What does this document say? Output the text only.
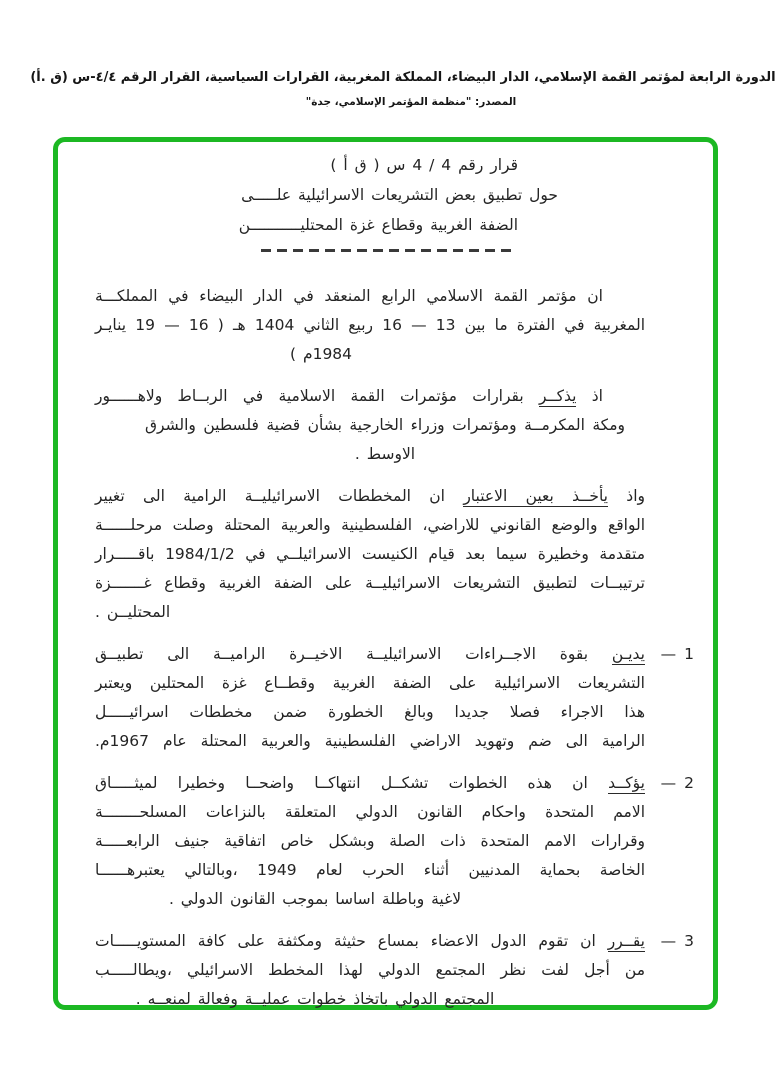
الدورة الرابعة لمؤتمر القمة الإسلامي، الدار البيضاء، المملكة المغربية، القرارات السياسية، القرار الرقم ٤/٤-س (ق .أ)
المصدر: "منظمة المؤتمر الإسلامي، جدة"
قرار رقم 4 / 4 س ( ق أ )
حول تطبيق بعض التشريعات الاسرائيلية علـــــى
الضفة الغربية وقطاع غزة المحتليـــــــــــن
ان مؤتمر القمة الاسلامي الرابع المنعقد في الدار البيضاء في المملكـــة
المغربية في الفترة ما بين 13 — 16 ربيع الثاني 1404 هـ ( 16 — 19 ينايـر
1984م )
اذ يذكــر بقرارات مؤتمرات القمة الاسلامية في الربــاط ولاهــــــور
ومكة المكرمــة ومؤتمرات وزراء الخارجية بشأن قضية فلسطين والشرق الاوسط .
واذ يأخــذ بعين الاعتبار ان المخططات الاسرائيليــة الرامية الى تغيير
الواقع والوضع القانوني للاراضي، الفلسطينية والعربية المحتلة وصلت مرحلــــــة
متقدمة وخطيرة سيما بعد قيام الكنيست الاسرائيلــي في 1984/1/2 باقـــــرار
ترتيبــات لتطبيق التشريعات الاسرائيليــة على الضفة الغربية وقطاع غـــــــزة
المحتليــن .
1—
يديـن بقوة الاجــراءات الاسرائيليــة الاخيــرة الراميــة الى تطبيــق
التشريعات الاسرائيلية على الضفة الغربية وقطــاع غزة المحتلين ويعتبر
هذا الاجراء فصلا جديدا وبالغ الخطورة ضمن مخططات اسرائيـــــل
الرامية الى ضم وتهويد الاراضي الفلسطينية والعربية المحتلة عام 1967م.
2—
يؤكــد ان هذه الخطوات تشكــل انتهاكــا واضحــا وخطيرا لميثـــــاق
الامم المتحدة واحكام القانون الدولي المتعلقة بالنزاعات المسلحــــــــة
وقرارات الامم المتحدة ذات الصلة وبشكل خاص اتفاقية جنيف الرابعـــــة
الخاصة بحماية المدنيين أثناء الحرب لعام 1949 ،وبالتالي يعتبرهــــــا
لاغية وباطلة اساسا بموجب القانون الدولي .
3—
يقــرر ان تقوم الدول الاعضاء بمساع حثيثة ومكثفة على كافة المستويـــــات
من أجل لفت نظر المجتمع الدولي لهذا المخطط الاسرائيلي ،ويطالـــــب
المجتمع الدولي باتخاذ خطوات عمليــة وفعالة لمنعــه .
